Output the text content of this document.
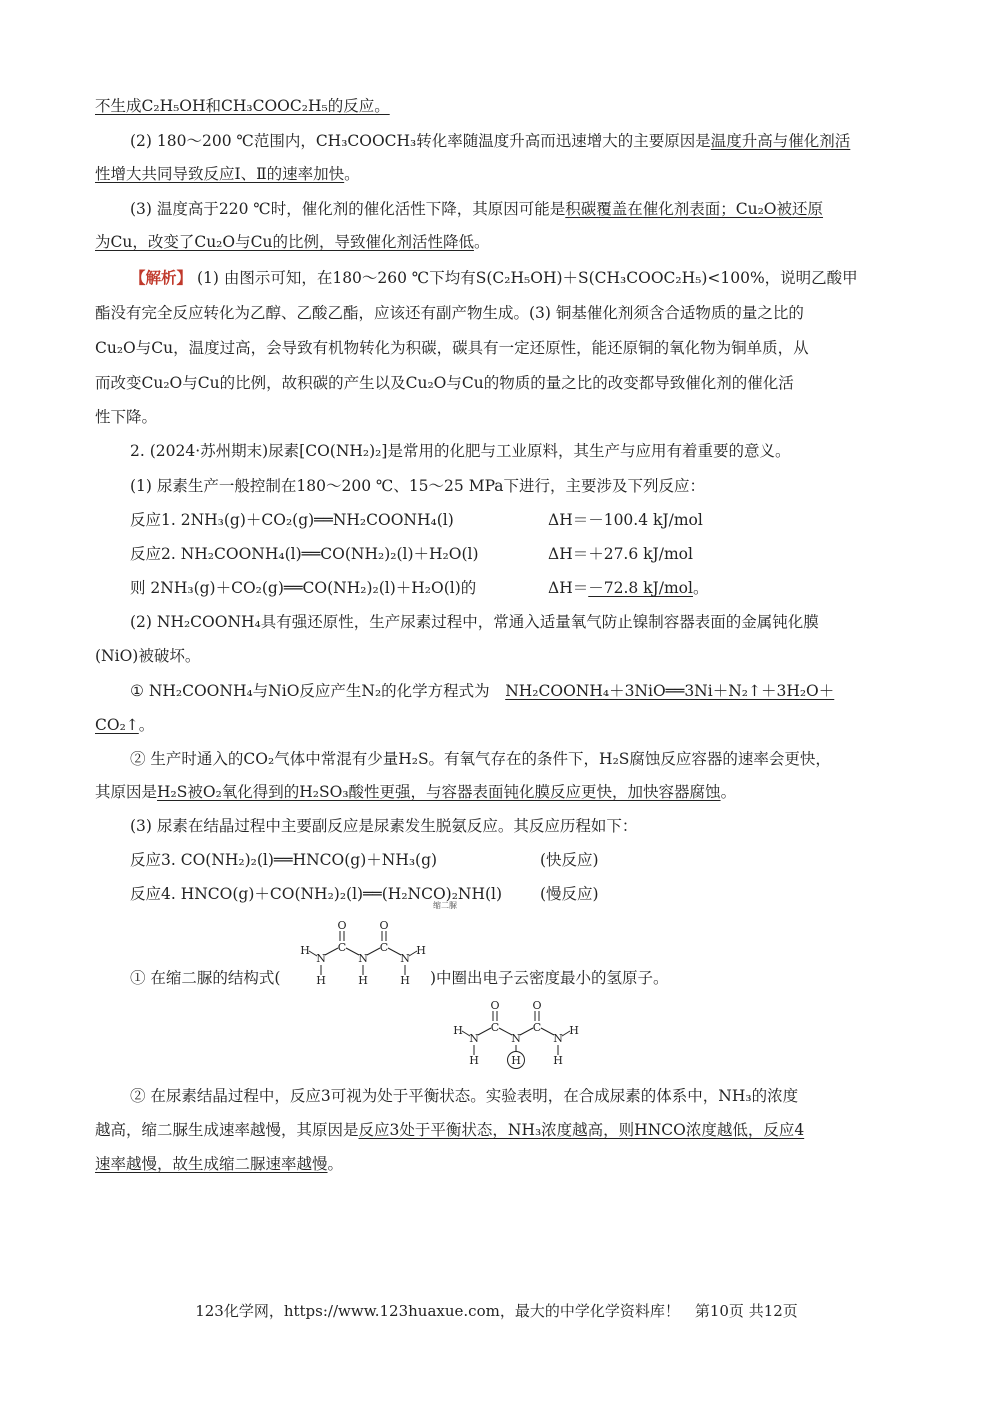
不生成C₂H₅OH和CH₃COOC₂H₅的反应。
(2) 180～200 ℃范围内，CH₃COOCH₃转化率随温度升高而迅速增大的主要原因是温度升高与催化剂活
性增大共同导致反应Ⅰ、Ⅱ的速率加快。
(3) 温度高于220 ℃时，催化剂的催化活性下降，其原因可能是积碳覆盖在催化剂表面；Cu₂O被还原
为Cu，改变了Cu₂O与Cu的比例，导致催化剂活性降低。
【解析】 (1) 由图示可知，在180～260 ℃下均有S(C₂H₅OH)＋S(CH₃COOC₂H₅)<100%，说明乙酸甲
酯没有完全反应转化为乙醇、乙酸乙酯，应该还有副产物生成。(3) 铜基催化剂须含合适物质的量之比的
Cu₂O与Cu，温度过高，会导致有机物转化为积碳，碳具有一定还原性，能还原铜的氧化物为铜单质，从
而改变Cu₂O与Cu的比例，故积碳的产生以及Cu₂O与Cu的物质的量之比的改变都导致催化剂的催化活
性下降。
2. (2024·苏州期末)尿素[CO(NH₂)₂]是常用的化肥与工业原料，其生产与应用有着重要的意义。
(1) 尿素生产一般控制在180～200 ℃、15～25 MPa下进行，主要涉及下列反应：
反应1. 2NH₃(g)＋CO₂(g)══NH₂COONH₄(l)	ΔH＝－100.4 kJ/mol
反应2. NH₂COONH₄(l)══CO(NH₂)₂(l)＋H₂O(l)	ΔH＝＋27.6 kJ/mol
则 2NH₃(g)＋CO₂(g)══CO(NH₂)₂(l)＋H₂O(l)的	ΔH＝－72.8 kJ/mol。
(2) NH₂COONH₄具有强还原性，生产尿素过程中，常通入适量氧气防止镍制容器表面的金属钝化膜
(NiO)被破坏。
① NH₂COONH₄与NiO反应产生N₂的化学方程式为　 NH₂COONH₄＋3NiO══3Ni＋N₂↑＋3H₂O＋
CO₂↑。
② 生产时通入的CO₂气体中常混有少量H₂S。有氧气存在的条件下，H₂S腐蚀反应容器的速率会更快，
其原因是H₂S被O₂氧化得到的H₂SO₃酸性更强，与容器表面钝化膜反应更快，加快容器腐蚀。
(3) 尿素在结晶过程中主要副反应是尿素发生脱氨反应。其反应历程如下：
反应3. CO(NH₂)₂(l)══HNCO(g)＋NH₃(g)	(快反应)
反应4. HNCO(g)＋CO(NH₂)₂(l)══(H₂NCO)₂NH(l) (慢反应)
缩二脲
① 在缩二脲的结构式(
H
N
H
C
O
N
H
C
O
N
H
H
)中圈出电子云密度最小的氢原子。
H
N
H
C
O
N
H
C
O
N
H
H
② 在尿素结晶过程中，反应3可视为处于平衡状态。实验表明，在合成尿素的体系中，NH₃的浓度
越高，缩二脲生成速率越慢，其原因是反应3处于平衡状态，NH₃浓度越高，则HNCO浓度越低，反应4
速率越慢，故生成缩二脲速率越慢。
123化学网，https://www.123huaxue.com，最大的中学化学资料库！　第10页 共12页
